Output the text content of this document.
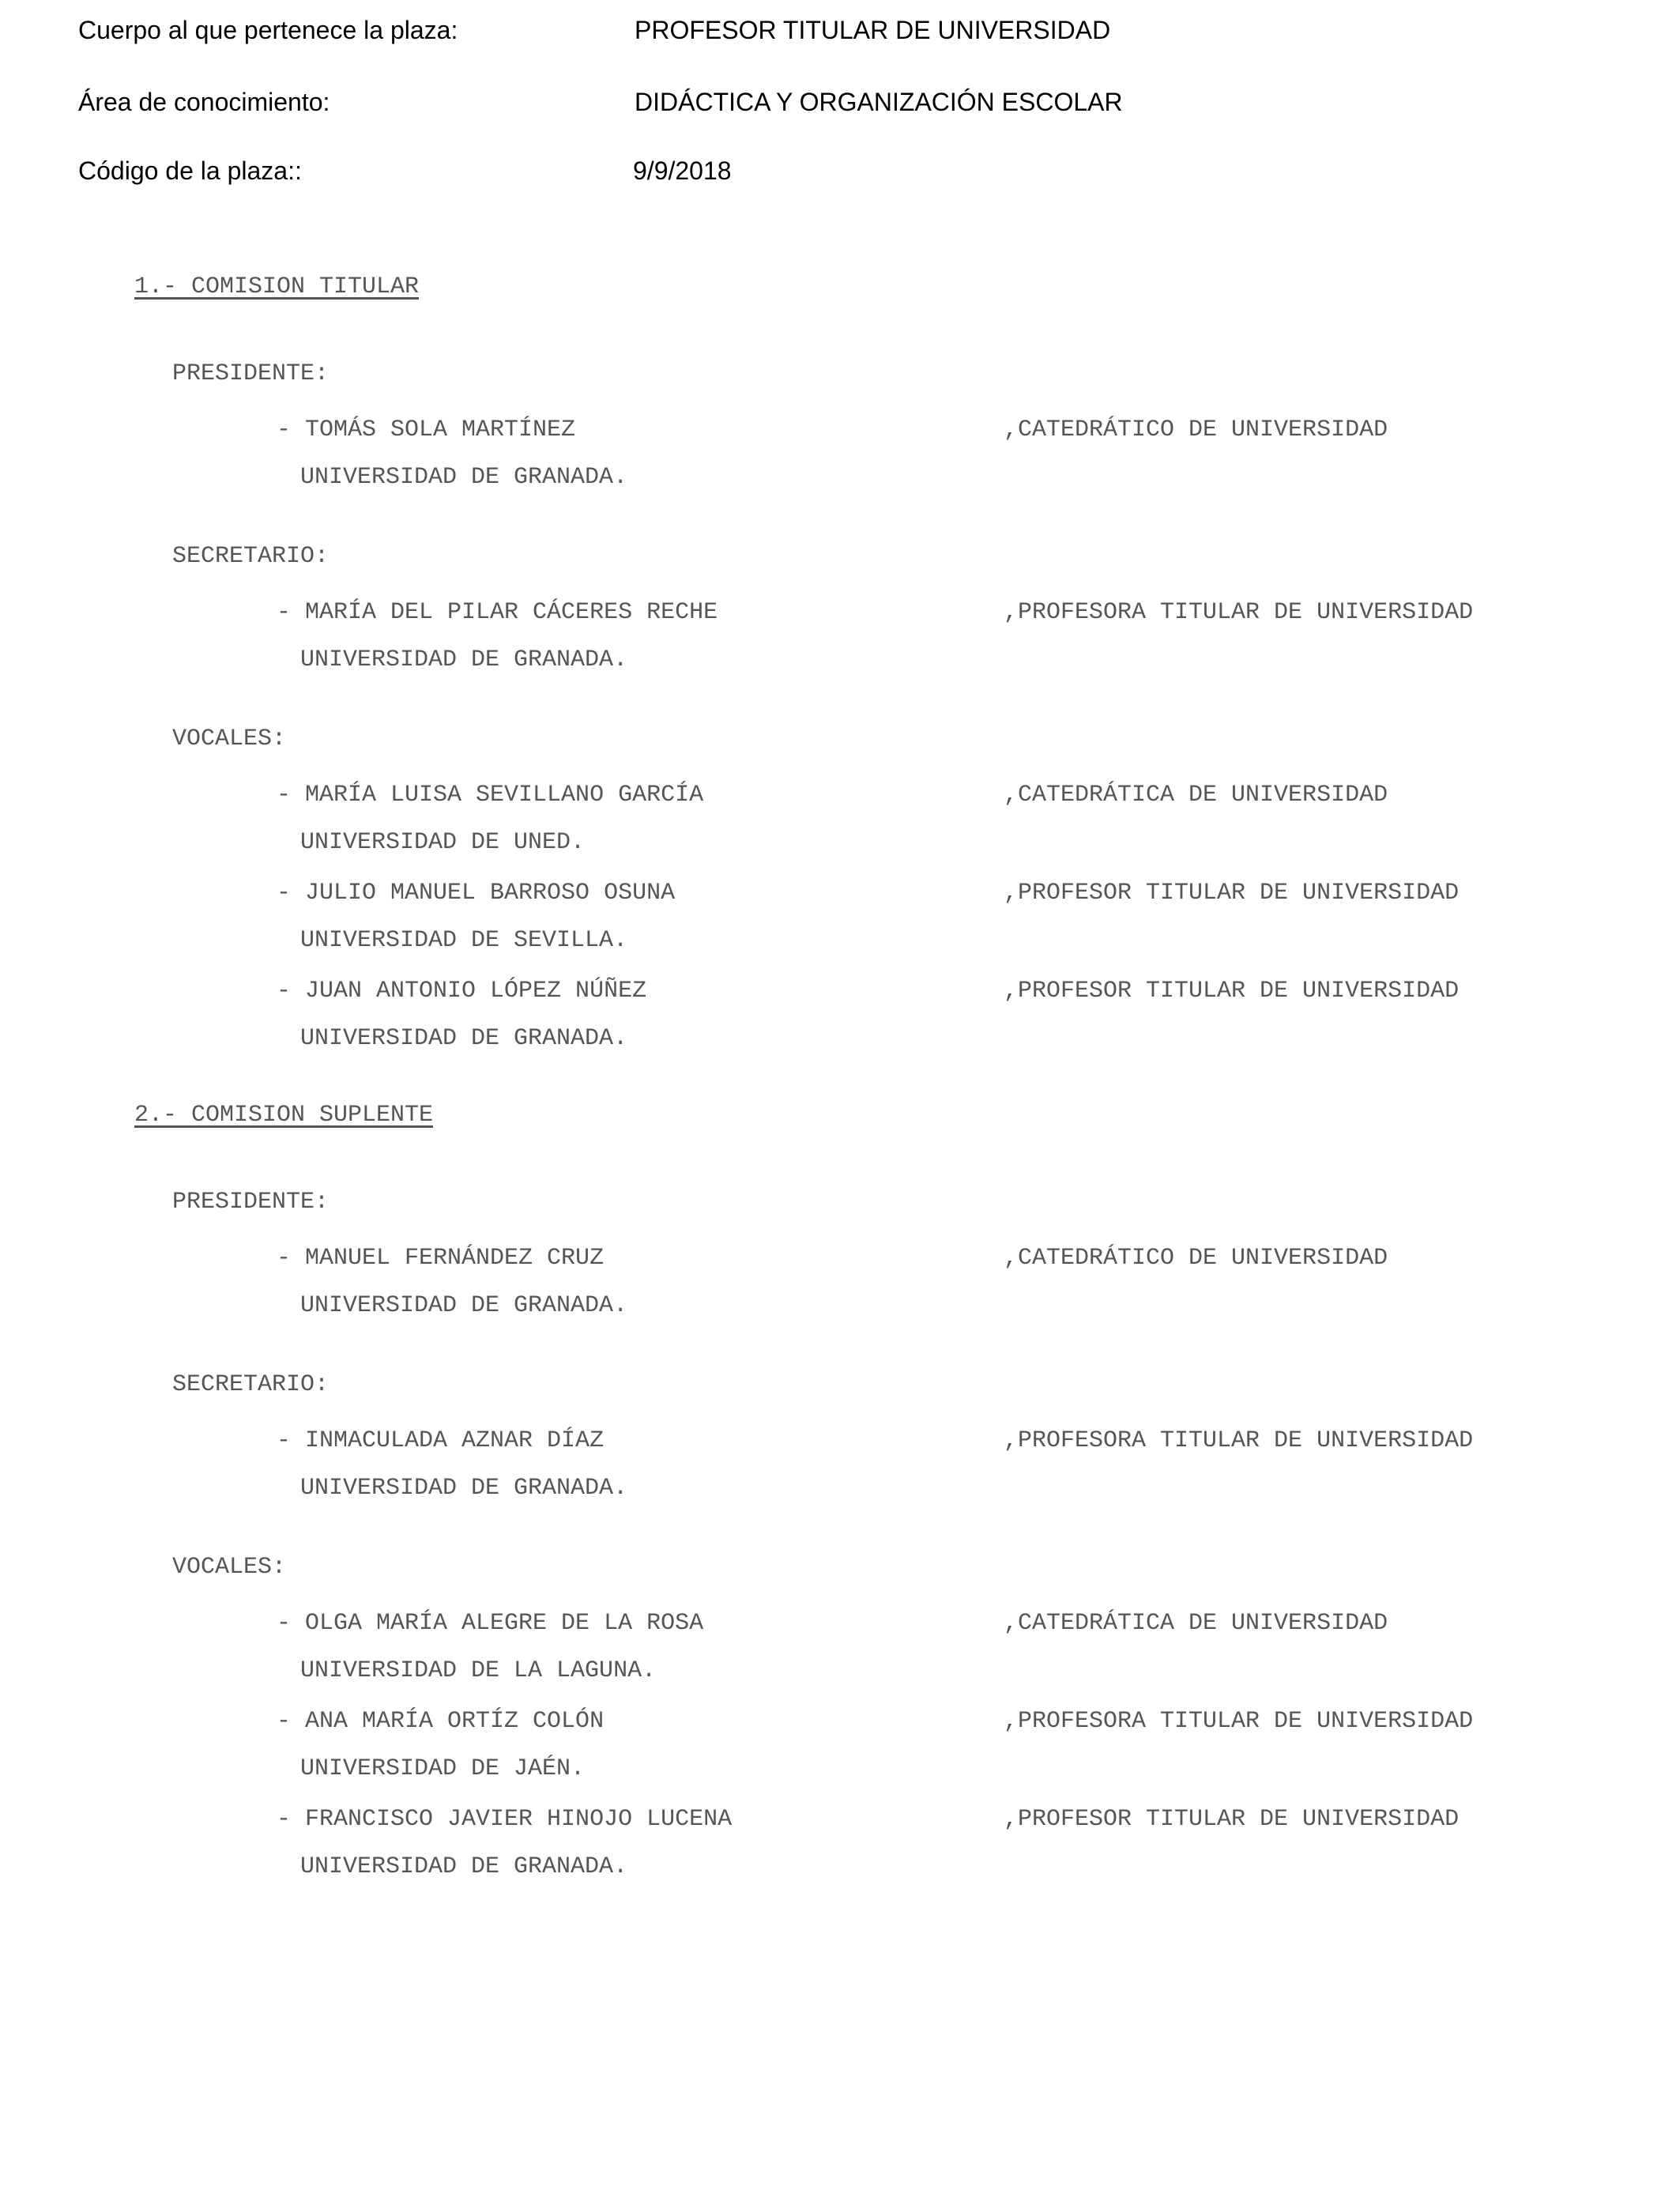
Cuerpo al que pertenece la plaza:	PROFESOR TITULAR DE UNIVERSIDAD
Área de conocimiento:	DIDÁCTICA Y ORGANIZACIÓN ESCOLAR
Código de la plaza::	9/9/2018
1.- COMISION TITULAR
PRESIDENTE:
- TOMÁS SOLA MARTÍNEZ	,CATEDRÁTICO DE UNIVERSIDAD
UNIVERSIDAD DE GRANADA.
SECRETARIO:
- MARÍA DEL PILAR CÁCERES RECHE	,PROFESORA TITULAR DE UNIVERSIDAD
UNIVERSIDAD DE GRANADA.
VOCALES:
- MARÍA LUISA SEVILLANO GARCÍA	,CATEDRÁTICA DE UNIVERSIDAD
UNIVERSIDAD DE UNED.
- JULIO MANUEL BARROSO OSUNA	,PROFESOR TITULAR DE UNIVERSIDAD
UNIVERSIDAD DE SEVILLA.
- JUAN ANTONIO LÓPEZ NÚÑEZ	,PROFESOR TITULAR DE UNIVERSIDAD
UNIVERSIDAD DE GRANADA.
2.- COMISION SUPLENTE
PRESIDENTE:
- MANUEL FERNÁNDEZ CRUZ	,CATEDRÁTICO DE UNIVERSIDAD
UNIVERSIDAD DE GRANADA.
SECRETARIO:
- INMACULADA AZNAR DÍAZ	,PROFESORA TITULAR DE UNIVERSIDAD
UNIVERSIDAD DE GRANADA.
VOCALES:
- OLGA MARÍA ALEGRE DE LA ROSA	,CATEDRÁTICA DE UNIVERSIDAD
UNIVERSIDAD DE LA LAGUNA.
- ANA MARÍA ORTÍZ COLÓN	,PROFESORA TITULAR DE UNIVERSIDAD
UNIVERSIDAD DE JAÉN.
- FRANCISCO JAVIER HINOJO LUCENA	,PROFESOR TITULAR DE UNIVERSIDAD
UNIVERSIDAD DE GRANADA.
